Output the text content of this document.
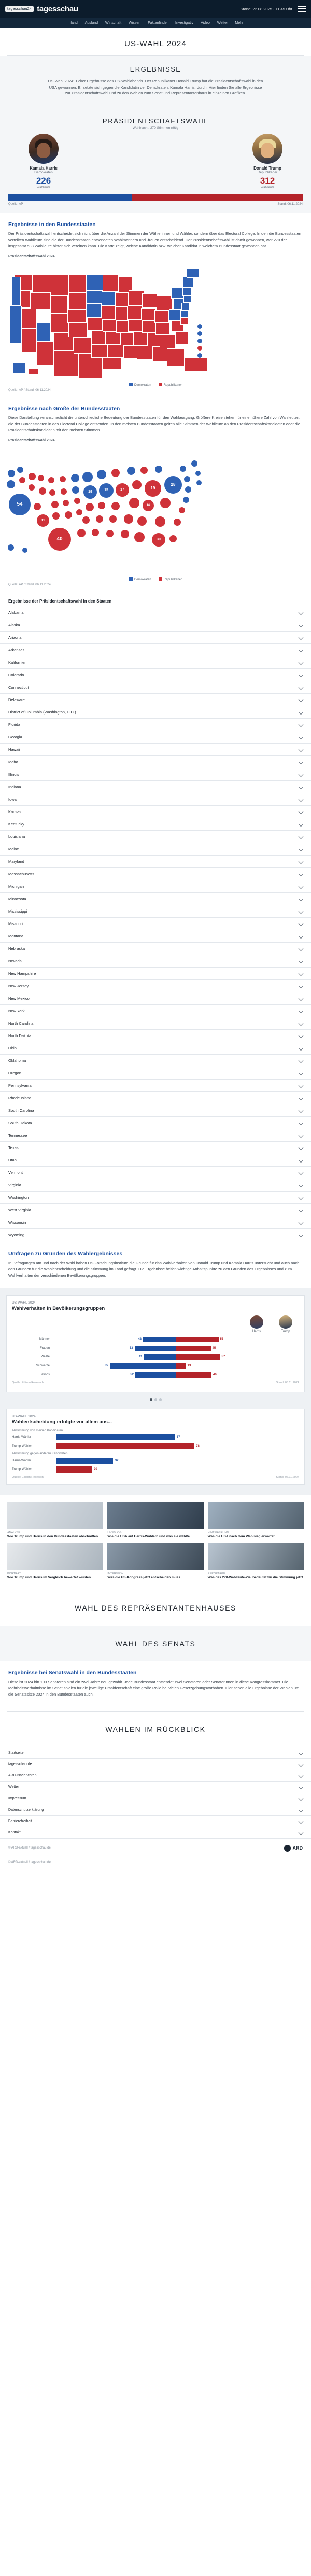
tagesschau24 tagesschau	Stand: 22.08.2025 · 11:45 Uhr
Inland Ausland Wirtschaft Wissen Faktenfinder Investigativ Video Wetter Mehr
US-WAHL 2024
ERGEBNISSE

US-Wahl 2024: Ticker Ergebnisse des US-Wahlabends. Der Republikaner Donald Trump hat die Präsidentschaftswahl in den USA gewonnen. Er setzte sich gegen die Kandidatin der Demokraten, Kamala Harris, durch. Hier finden Sie alle Ergebnisse zur Präsidentschaftswahl und zu den Wahlen zum Senat und Repräsentantenhaus in einzelnen Grafiken.

PRÄSIDENTSCHAFTSWAHL
Wahlnacht: 270 Stimmen nötig
Kamala Harris
Demokraten
226
Wahlleute
Donald Trump
Republikaner
312
Wahlleute
Quelle: AP	Stand: 06.11.2024
Ergebnisse in den Bundesstaaten

Der Präsidentschaftswahl entscheidet sich nicht über die Anzahl der Stimmen der Wählerinnen und Wähler, sondern über das Electoral College. In den die Bundesstaaten verteilten Wahlleute sind die der Bundesstaaten entsendeten Wahlmännern und -frauen entscheidend. Der Präsidentschaftswahl ist damit gewonnen, wer 270 der insgesamt 538 Wahlleute hinter sich vereinen kann. Die Karte zeigt, welche Kandidatin bzw. welcher Kandidat in welchem Bundesstaat gewonnen hat.

Präsidentschaftswahl 2024
Demokraten	Republikaner
Quelle: AP / Stand: 06.11.2024
Ergebnisse nach Größe der Bundesstaaten

Diese Darstellung veranschaulicht die unterschiedliche Bedeutung der Bundesstaaten für den Wahlausgang. Größere Kreise stehen für eine höhere Zahl von Wahlleuten, die der Bundesstaaten in das Electoral College entsenden. In den meisten Bundesstaaten gelten alle Stimmen der Wahlleute an den Präsidentschaftskandidaten oder die Präsidentschaftskandidatin mit den meisten Stimmen.

Präsidentschaftswahl 2024
54
11
40
19	15	17	19
16
28
30
Demokraten	Republikaner
Quelle: AP / Stand: 06.11.2024
Ergebnisse der Präsidentschaftswahl in den Staaten
Alabama
Alaska
Arizona
Arkansas
Kalifornien
Colorado
Connecticut
Delaware
District of Columbia (Washington, D.C.)
Florida
Georgia
Hawaii
Idaho
Illinois
Indiana
Iowa
Kansas
Kentucky
Louisiana
Maine
Maryland
Massachusetts
Michigan
Minnesota
Mississippi
Missouri
Montana
Nebraska
Nevada
New Hampshire
New Jersey
New Mexico
New York
North Carolina
North Dakota
Ohio
Oklahoma
Oregon
Pennsylvania
Rhode Island
South Carolina
South Dakota
Tennessee
Texas
Utah
Vermont
Virginia
Washington
West Virginia
Wisconsin
Wyoming
Umfragen zu Gründen des Wahlergebnisses

In Befragungen am und nach der Wahl haben US-Forschungsinstitute die Gründe für das Wahlverhalten von Donald Trump und Kamala Harris untersucht und auch nach den Gründen für die Wahlentscheidung und die Stimmung im Land gefragt. Die Ergebnisse helfen wichtige Anhaltspunkte zu den Gründen des Ergebnisses und zum Wahlverhalten der verschiedenen Bevölkerungsgruppen.

US-WAHL 2024
Wahlverhalten in Bevölkerungsgruppen
Harris	Trump
Männer	42	55
Frauen	53	45
Weiße	41	57
Schwarze	85	13
Latinos	52	46
Quelle: Edison Research	Stand: 06.11.2024
US-WAHL 2024
Wahlentscheidung erfolgte vor allem aus...
Abstimmung von meinen Kandidaten
Harris-Wähler	67
Trump-Wähler	78
Abstimmung gegen anderen Kandidaten
Harris-Wähler	32
Trump-Wähler	20
Quelle: Edison Research	Stand: 06.11.2024
ANALYSE
Wie Trump und Harris in den Bundesstaaten abschnitten
LIVEBLOG
Wie die USA auf Harris-Wählern und was sie wählte
HINTERGRUND
Was die USA nach dem Wahlsieg erwartet
PORTRÄT
Wie Trump und Harris im Vergleich bewertet wurden
INTERVIEW
Was die US-Kongress jetzt entscheiden muss
REPORTAGE
Was das 270-Wahlleute-Ziel bedeutet für die Stimmung jetzt
WAHL DES REPRÄSENTANTENHAUSES
WAHL DES SENATS
Ergebnisse bei Senatswahl in den Bundesstaaten

Diese ist 2024 hin 100 Senatoren sind ein zwei Jahre neu gewählt. Jede Bundesstaat entsendet zwei Senatoren oder Senatorinnen in diese Kongresskammer. Die Mehrheitsverhältnisse im Senat spielen für die jeweilige Präsidentschaft eine große Rolle bei vielen Gesetzgebungsvorhaben. Hier sehen alle Ergebnisse der Wahlen um die Senatssitze 2024 in den Bundesstaaten auch.

WAHLEN IM RÜCKBLICK
Startseite
tagesschau.de
ARD-Nachrichten
Wetter
Impressum
Datenschutzerklärung
Barrierefreiheit
Kontakt
© ARD-aktuell / tagesschau.de	ARD
© ARD-aktuell / tagesschau.de
